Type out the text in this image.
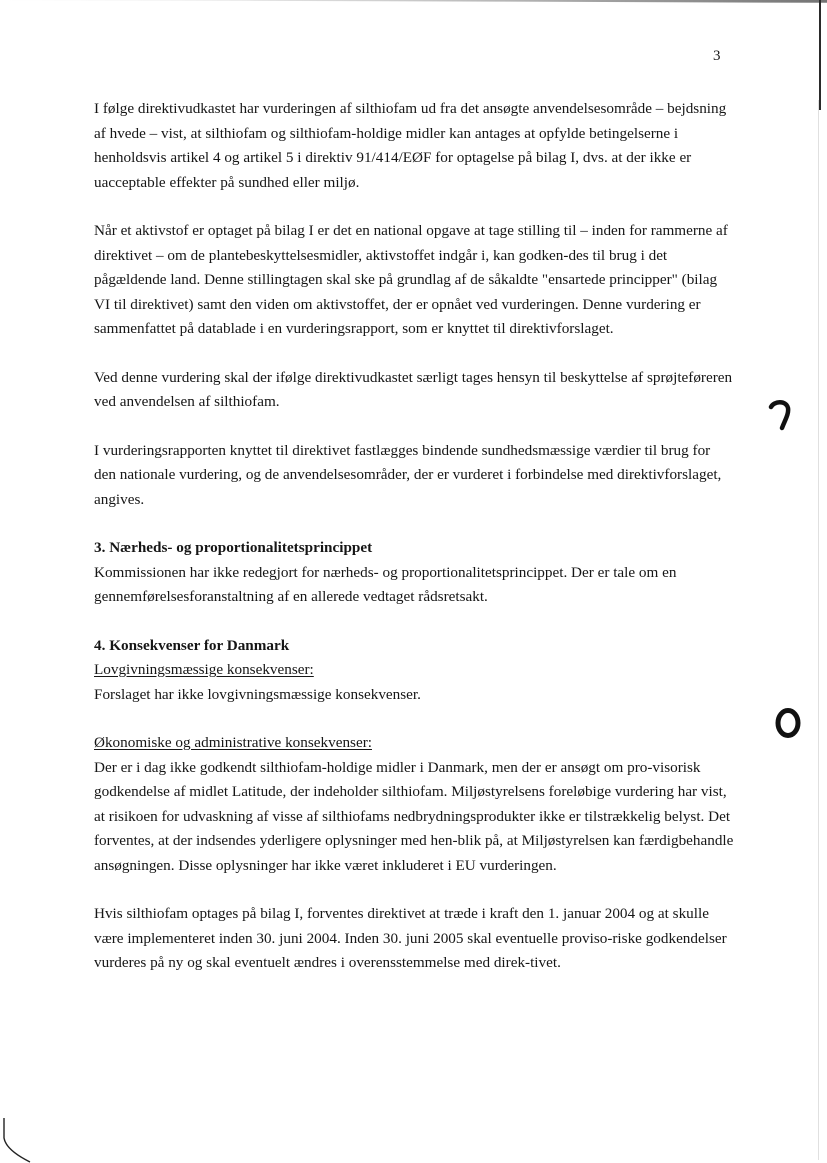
3

I følge direktivudkastet har vurderingen af silthiofam ud fra det ansøgte anvendelsesområde – bejdsning af hvede – vist, at silthiofam og silthiofam-holdige midler kan antages at opfylde betingelserne i henholdsvis artikel 4 og artikel 5 i direktiv 91/414/EØF for optagelse på bilag I, dvs. at der ikke er uacceptable effekter på sundhed eller miljø.

Når et aktivstof er optaget på bilag I er det en national opgave at tage stilling til – inden for rammerne af direktivet – om de plantebeskyttelsesmidler, aktivstoffet indgår i, kan godken-des til brug i det pågældende land. Denne stillingtagen skal ske på grundlag af de såkaldte "ensartede principper" (bilag VI til direktivet) samt den viden om aktivstoffet, der er opnået ved vurderingen. Denne vurdering er sammenfattet på datablade i en vurderingsrapport, som er knyttet til direktivforslaget.

Ved denne vurdering skal der ifølge direktivudkastet særligt tages hensyn til beskyttelse af sprøjteføreren ved anvendelsen af silthiofam.

I vurderingsrapporten knyttet til direktivet fastlægges bindende sundhedsmæssige værdier til brug for den nationale vurdering, og de anvendelsesområder, der er vurderet i forbindelse med direktivforslaget, angives.

3. Nærheds- og proportionalitetsprincippet

Kommissionen har ikke redegjort for nærheds- og proportionalitetsprincippet. Der er tale om en gennemførelsesforanstaltning af en allerede vedtaget rådsretsakt.

4. Konsekvenser for Danmark
Lovgivningsmæssige konsekvenser:

Forslaget har ikke lovgivningsmæssige konsekvenser.

Økonomiske og administrative konsekvenser:

Der er i dag ikke godkendt silthiofam-holdige midler i Danmark, men der er ansøgt om pro-visorisk godkendelse af midlet Latitude, der indeholder silthiofam. Miljøstyrelsens foreløbige vurdering har vist, at risikoen for udvaskning af visse af silthiofams nedbrydningsprodukter ikke er tilstrækkelig belyst. Det forventes, at der indsendes yderligere oplysninger med hen-blik på, at Miljøstyrelsen kan færdigbehandle ansøgningen. Disse oplysninger har ikke været inkluderet i EU vurderingen.

Hvis silthiofam optages på bilag I, forventes direktivet at træde i kraft den 1. januar 2004 og at skulle være implementeret inden 30. juni 2004. Inden 30. juni 2005 skal eventuelle proviso-riske godkendelser vurderes på ny og skal eventuelt ændres i overensstemmelse med direk-tivet.
